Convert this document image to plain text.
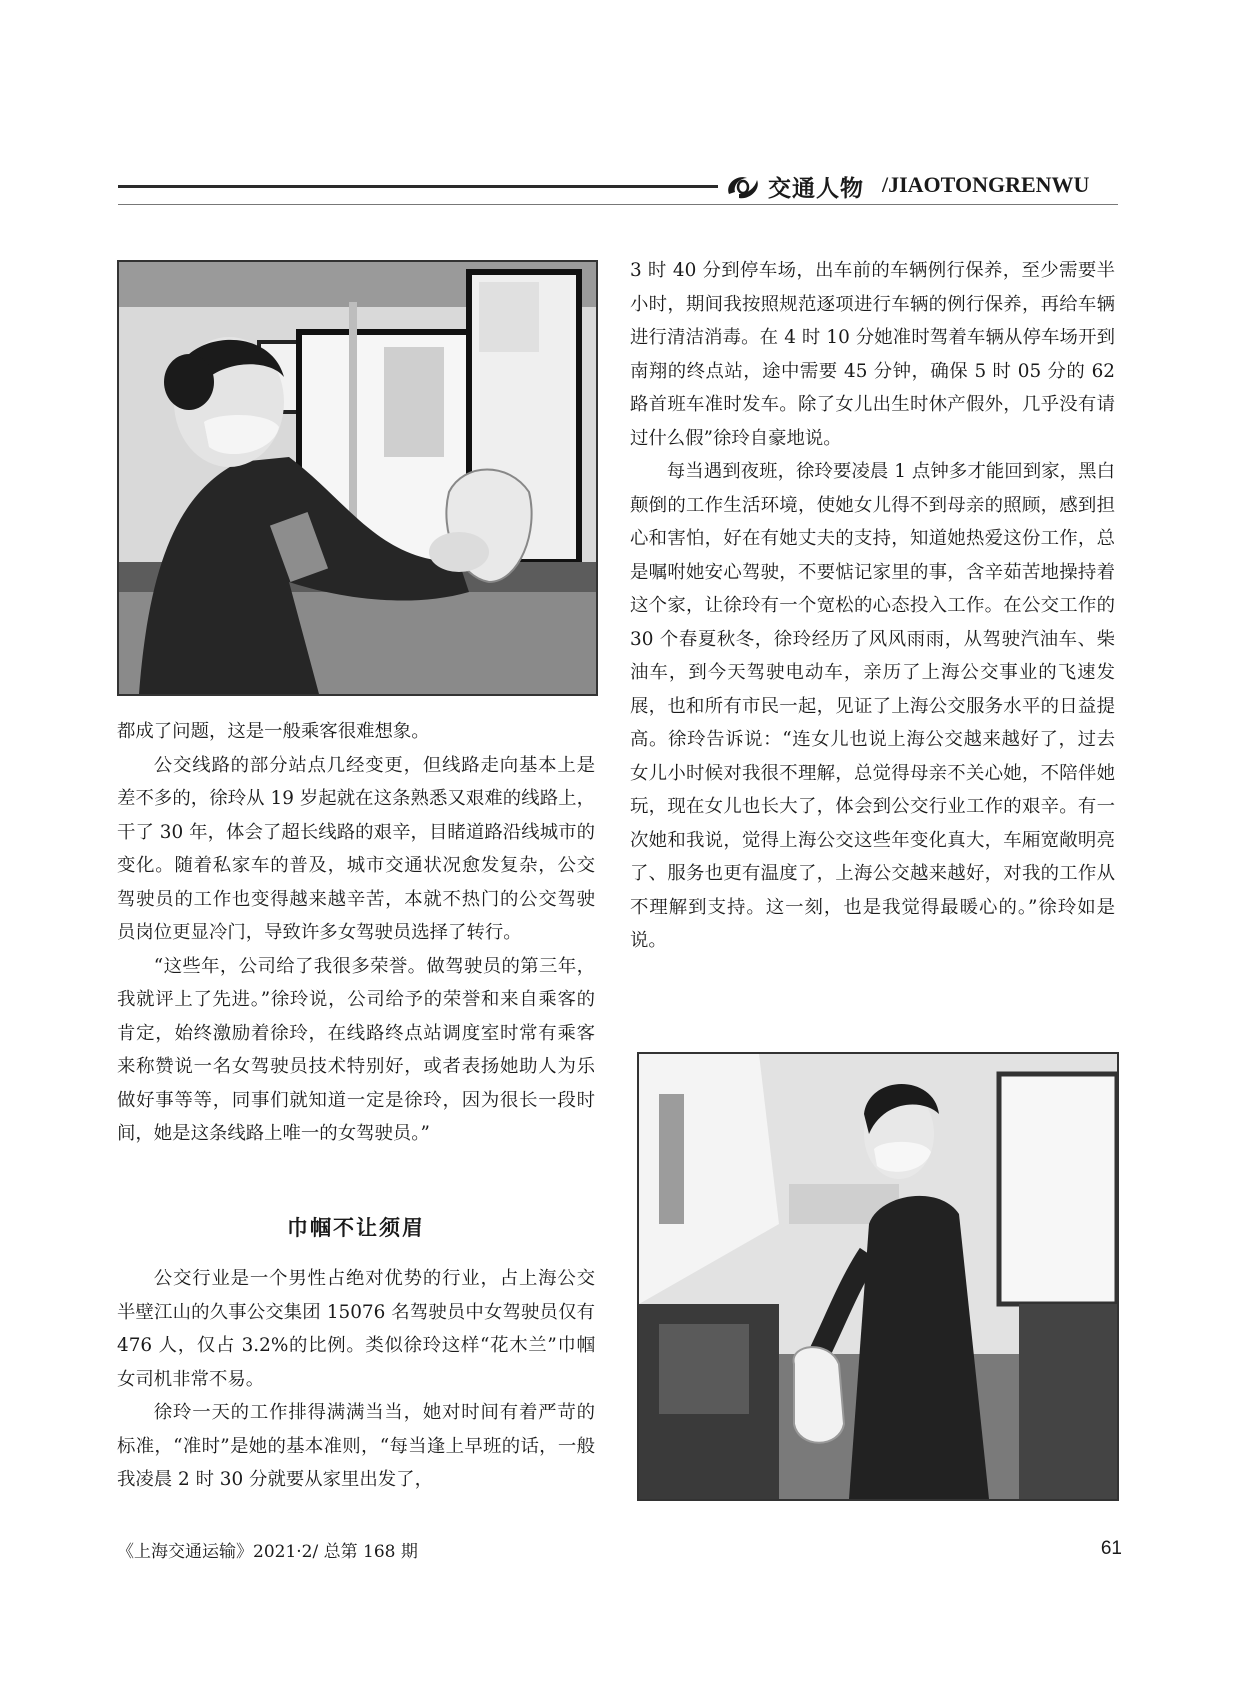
交通人物 /JIAOTONGRENWU

都成了问题，这是一般乘客很难想象。

公交线路的部分站点几经变更，但线路走向基本上是差不多的，徐玲从 19 岁起就在这条熟悉又艰难的线路上，干了 30 年，体会了超长线路的艰辛，目睹道路沿线城市的变化。随着私家车的普及，城市交通状况愈发复杂，公交驾驶员的工作也变得越来越辛苦，本就不热门的公交驾驶员岗位更显冷门，导致许多女驾驶员选择了转行。

“这些年，公司给了我很多荣誉。做驾驶员的第三年，我就评上了先进。”徐玲说，公司给予的荣誉和来自乘客的肯定，始终激励着徐玲，在线路终点站调度室时常有乘客来称赞说一名女驾驶员技术特别好，或者表扬她助人为乐做好事等等，同事们就知道一定是徐玲，因为很长一段时间，她是这条线路上唯一的女驾驶员。”

巾帼不让须眉

公交行业是一个男性占绝对优势的行业，占上海公交半壁江山的久事公交集团 15076 名驾驶员中女驾驶员仅有 476 人，仅占 3.2%的比例。类似徐玲这样“花木兰”巾帼女司机非常不易。

徐玲一天的工作排得满满当当，她对时间有着严苛的标准，“准时”是她的基本准则，“每当逢上早班的话，一般我凌晨 2 时 30 分就要从家里出发了，

3 时 40 分到停车场，出车前的车辆例行保养，至少需要半小时，期间我按照规范逐项进行车辆的例行保养，再给车辆进行清洁消毒。在 4 时 10 分她准时驾着车辆从停车场开到南翔的终点站，途中需要 45 分钟，确保 5 时 05 分的 62 路首班车准时发车。除了女儿出生时休产假外，几乎没有请过什么假”徐玲自豪地说。

每当遇到夜班，徐玲要凌晨 1 点钟多才能回到家，黑白颠倒的工作生活环境，使她女儿得不到母亲的照顾，感到担心和害怕，好在有她丈夫的支持，知道她热爱这份工作，总是嘱咐她安心驾驶，不要惦记家里的事，含辛茹苦地操持着这个家，让徐玲有一个宽松的心态投入工作。在公交工作的 30 个春夏秋冬，徐玲经历了风风雨雨，从驾驶汽油车、柴油车，到今天驾驶电动车，亲历了上海公交事业的飞速发展，也和所有市民一起，见证了上海公交服务水平的日益提高。徐玲告诉说：“连女儿也说上海公交越来越好了，过去女儿小时候对我很不理解，总觉得母亲不关心她，不陪伴她玩，现在女儿也长大了，体会到公交行业工作的艰辛。有一次她和我说，觉得上海公交这些年变化真大，车厢宽敞明亮了、服务也更有温度了，上海公交越来越好，对我的工作从不理解到支持。这一刻，也是我觉得最暖心的。”徐玲如是说。

《上海交通运输》2021·2/ 总第 168 期	61
